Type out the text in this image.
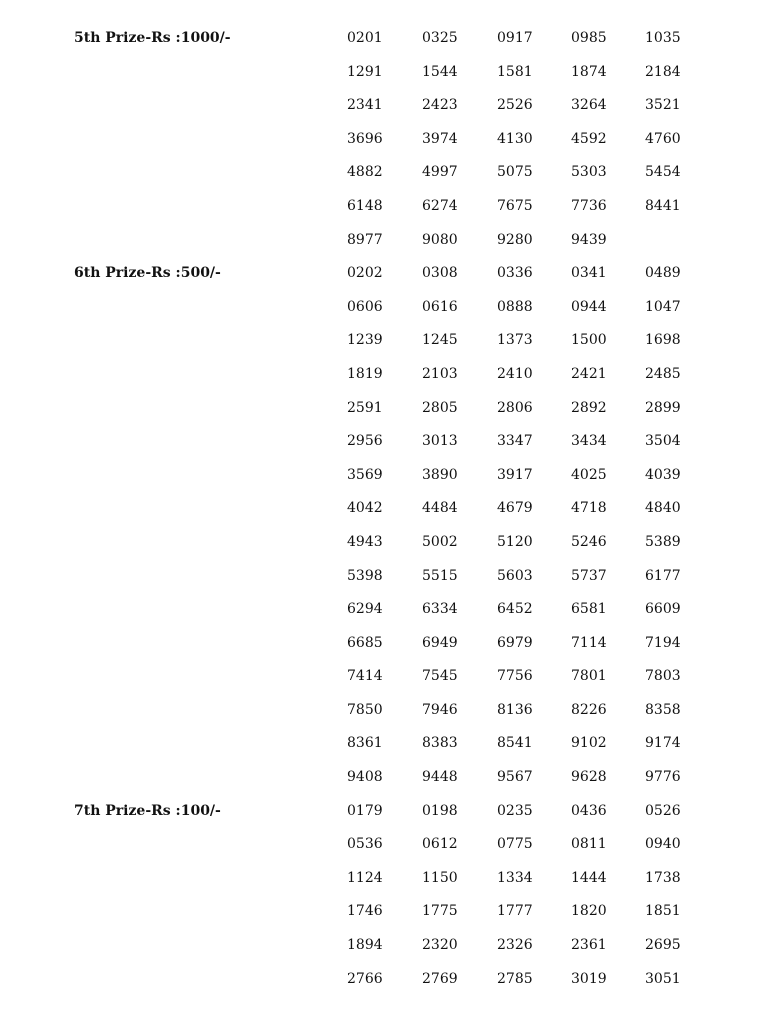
5th Prize-Rs :1000/-	0201	0325	0917	0985	1035
1291	1544	1581	1874	2184
2341	2423	2526	3264	3521
3696	3974	4130	4592	4760
4882	4997	5075	5303	5454
6148	6274	7675	7736	8441
8977	9080	9280	9439
6th Prize-Rs :500/-	0202	0308	0336	0341	0489
0606	0616	0888	0944	1047
1239	1245	1373	1500	1698
1819	2103	2410	2421	2485
2591	2805	2806	2892	2899
2956	3013	3347	3434	3504
3569	3890	3917	4025	4039
4042	4484	4679	4718	4840
4943	5002	5120	5246	5389
5398	5515	5603	5737	6177
6294	6334	6452	6581	6609
6685	6949	6979	7114	7194
7414	7545	7756	7801	7803
7850	7946	8136	8226	8358
8361	8383	8541	9102	9174
9408	9448	9567	9628	9776
7th Prize-Rs :100/-	0179	0198	0235	0436	0526
0536	0612	0775	0811	0940
1124	1150	1334	1444	1738
1746	1775	1777	1820	1851
1894	2320	2326	2361	2695
2766	2769	2785	3019	3051
